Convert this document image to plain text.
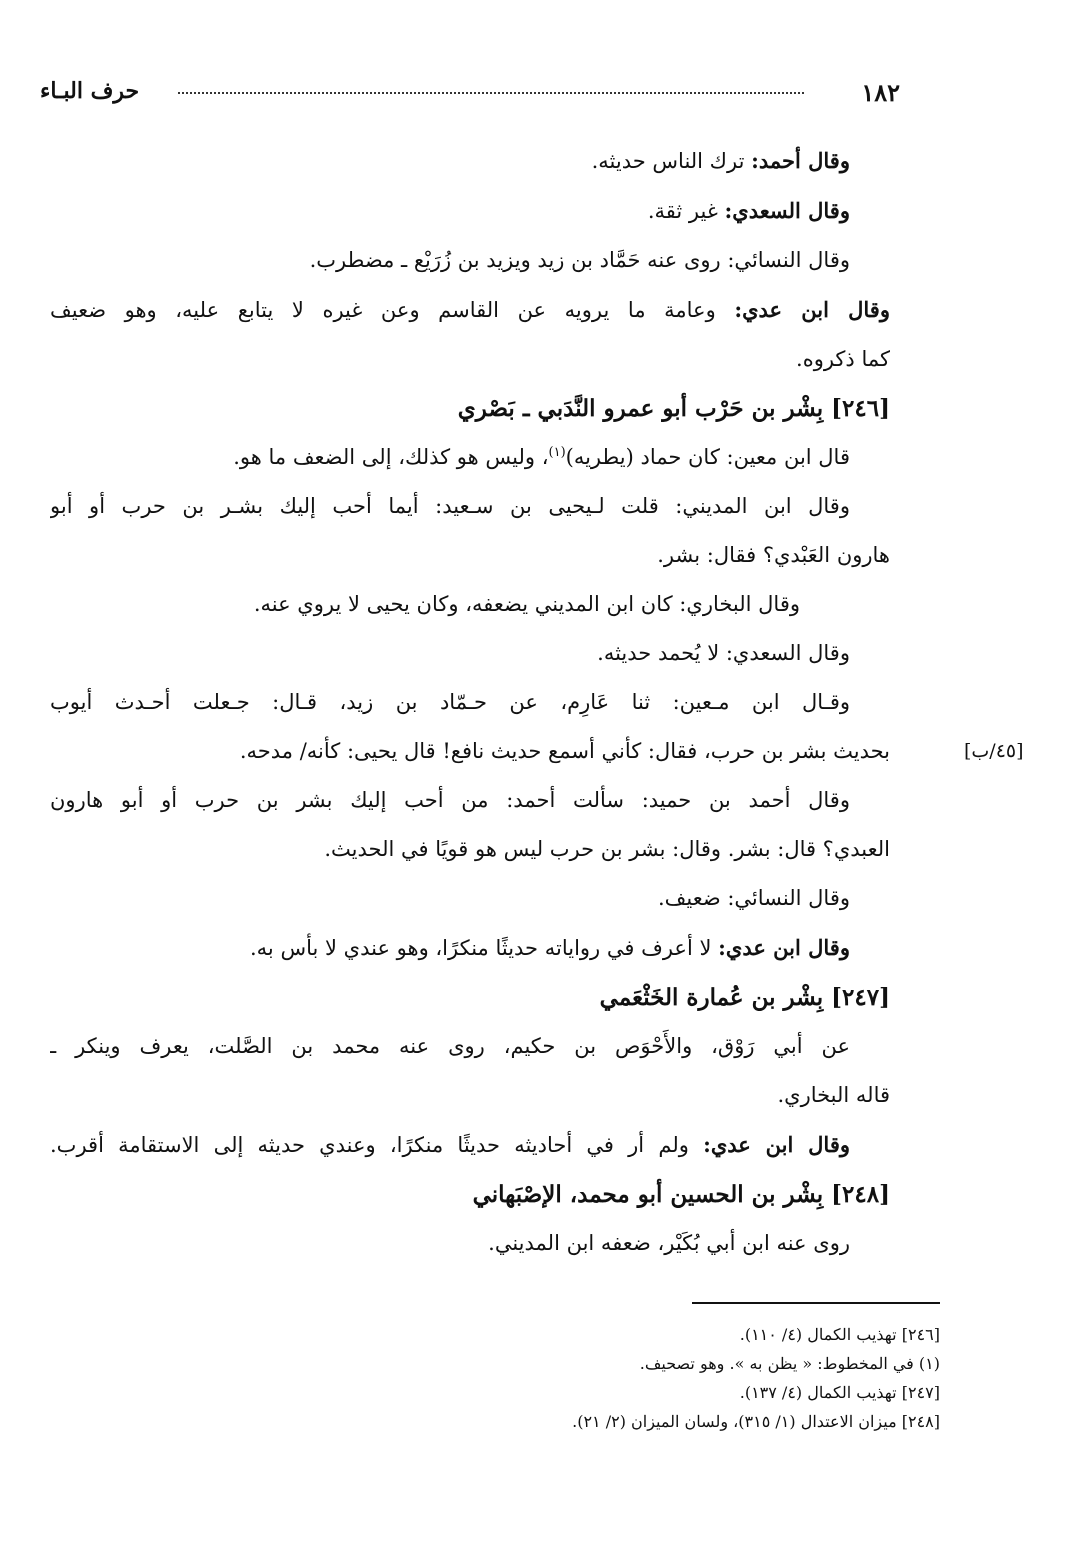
حرف البـاء	١٨٢
[٤٥/ب]
وقال أحمد: ترك الناس حديثه.
وقال السعدي: غير ثقة.
وقال النسائي: روى عنه حَمَّاد بن زيد ويزيد بن زُرَيْع ـ مضطرب.
وقال ابن عدي: وعامة ما يرويه عن القاسم وعن غيره لا يتابع عليه، وهو ضعيف
كما ذكروه.
[٢٤٦] بِشْر بن حَرْب أبو عمرو النَّدَبي ـ بَصْري
قال ابن معين: كان حماد (يطريه)$^{(١)}$، وليس هو كذلك، إلى الضعف ما هو.
وقال ابن المديني: قلت لـيحيى بن سـعيد: أيما أحب إليك بشـر بن حرب أو أبو
هارون العَبْدي؟ فقال: بشر.
وقال البخاري: كان ابن المديني يضعفه، وكان يحيى لا يروي عنه.
وقال السعدي: لا يُحمد حديثه.
وقـال ابن مـعين: ثنا عَارِم، عن حـمّاد بن زيد، قـال: جـعلت أحـدث أيوب
بحديث بشر بن حرب، فقال: كأني أسمع حديث نافع! قال يحيى: كأنه/ مدحه.
وقال أحمد بن حميد: سألت أحمد: من أحب إليك بشر بن حرب أو أبو هارون
العبدي؟ قال: بشر. وقال: بشر بن حرب ليس هو قويًا في الحديث.
وقال النسائي: ضعيف.
وقال ابن عدي: لا أعرف في رواياته حديثًا منكرًا، وهو عندي لا بأس به.
[٢٤٧] بِشْر بن عُمارة الخَثْعَمي
عن أبي رَوْق، والأَحْوَص بن حكيم، روى عنه محمد بن الصَّلت، يعرف وينكر ـ
قاله البخاري.
وقال ابن عدي: ولم أر في أحاديثه حديثًا منكرًا، وعندي حديثه إلى الاستقامة أقرب.
[٢٤٨] بِشْر بن الحسين أبو محمد، الإصْبَهاني
روى عنه ابن أبي بُكَيْر، ضعفه ابن المديني.
[٢٤٦] تهذيب الكمال (٤/ ١١٠).
(١) في المخطوط: « يظن به ». وهو تصحيف.
[٢٤٧] تهذيب الكمال (٤/ ١٣٧).
[٢٤٨] ميزان الاعتدال (١/ ٣١٥)، ولسان الميزان (٢/ ٢١).
